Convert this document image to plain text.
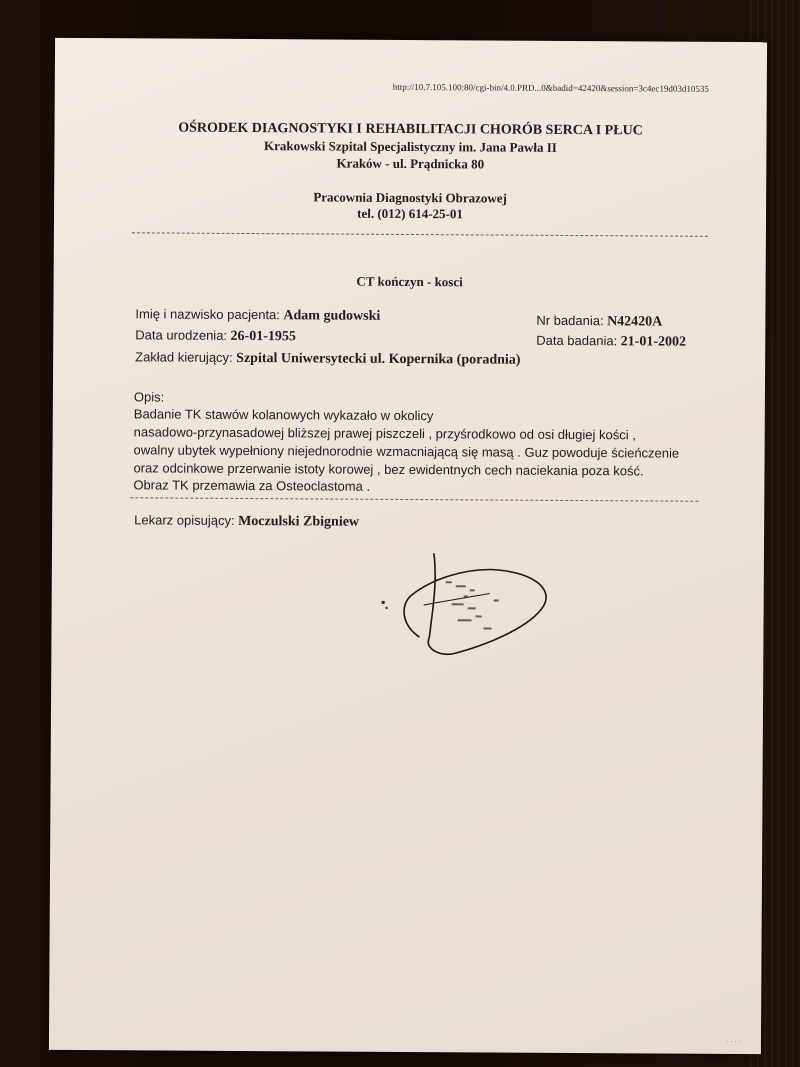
http://10.7.105.100:80/cgi-bin/4.0.PRD...0&badid=42420&session=3c4ec19d03d10535
OŚRODEK DIAGNOSTYKI I REHABILITACJI CHORÓB SERCA I PŁUC
Krakowski Szpital Specjalistyczny im. Jana Pawła II
Kraków - ul. Prądnicka 80
Pracownia Diagnostyki Obrazowej
tel. (012) 614-25-01
CT kończyn - kosci
Imię i nazwisko pacjenta: Adam gudowski
Data urodzenia: 26-01-1955
Zakład kierujący: Szpital Uniwersytecki ul. Kopernika (poradnia)
Nr badania: N42420A
Data badania: 21-01-2002
Opis:
Badanie TK stawów kolanowych wykazało w okolicy
nasadowo-przynasadowej bliższej prawej piszczeli , przyśrodkowo od osi długiej kości ,
owalny ubytek wypełniony niejednorodnie wzmacniającą się masą . Guz powoduje ścieńczenie
oraz odcinkowe przerwanie istoty korowej , bez ewidentnych cech naciekania poza kość.
Obraz TK przemawia za Osteoclastoma .
Lekarz opisujący: Moczulski Zbigniew
· · · ·
